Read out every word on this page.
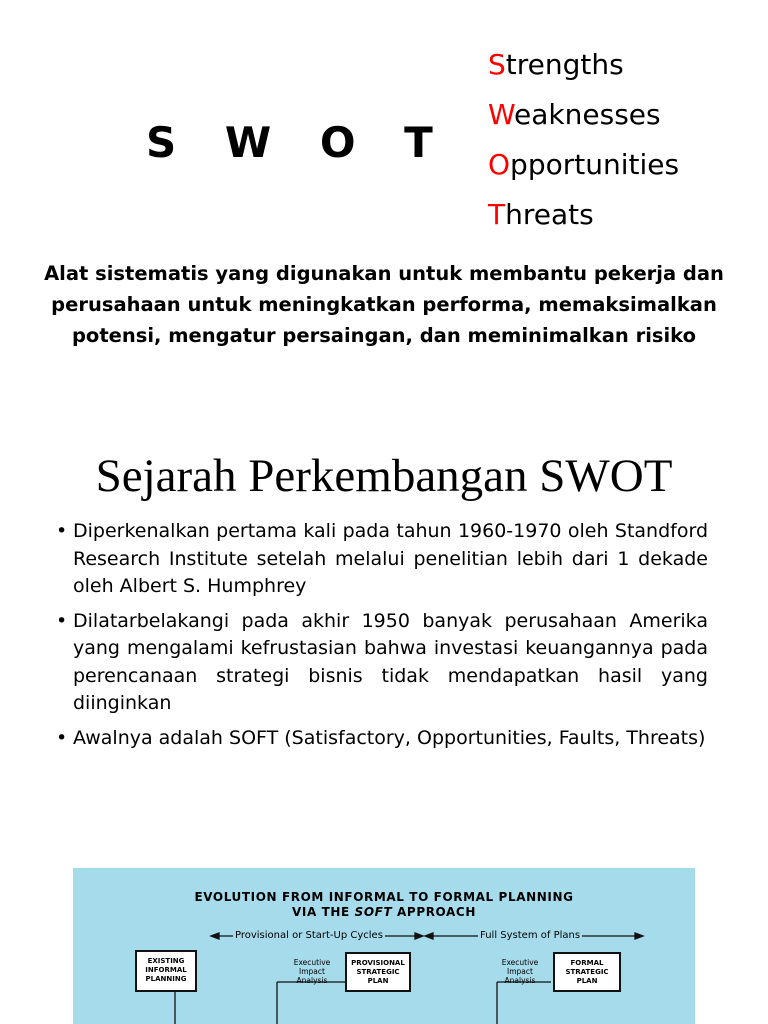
S W O T
Strengths
Weaknesses
Opportunities
Threats
Alat sistematis yang digunakan untuk membantu pekerja dan perusahaan untuk meningkatkan performa, memaksimalkan potensi, mengatur persaingan, dan meminimalkan risiko
Sejarah Perkembangan SWOT
• Diperkenalkan pertama kali pada tahun 1960-1970 oleh Standford Research Institute setelah melalui penelitian lebih dari 1 dekade oleh Albert S. Humphrey
• Dilatarbelakangi pada akhir 1950 banyak perusahaan Amerika yang mengalami kefrustasian bahwa investasi keuangannya pada perencanaan strategi bisnis tidak mendapatkan hasil yang diinginkan
• Awalnya adalah SOFT (Satisfactory, Opportunities, Faults, Threats)
EVOLUTION FROM INFORMAL TO FORMAL PLANNING
VIA THE SOFT APPROACH
Provisional or Start-Up Cycles	Full System of Plans
EXISTING
INFORMAL
PLANNING
Executive
Impact
Analysis
PROVISIONAL
STRATEGIC
PLAN
Executive
Impact
Analysis
FORMAL
STRATEGIC
PLAN
